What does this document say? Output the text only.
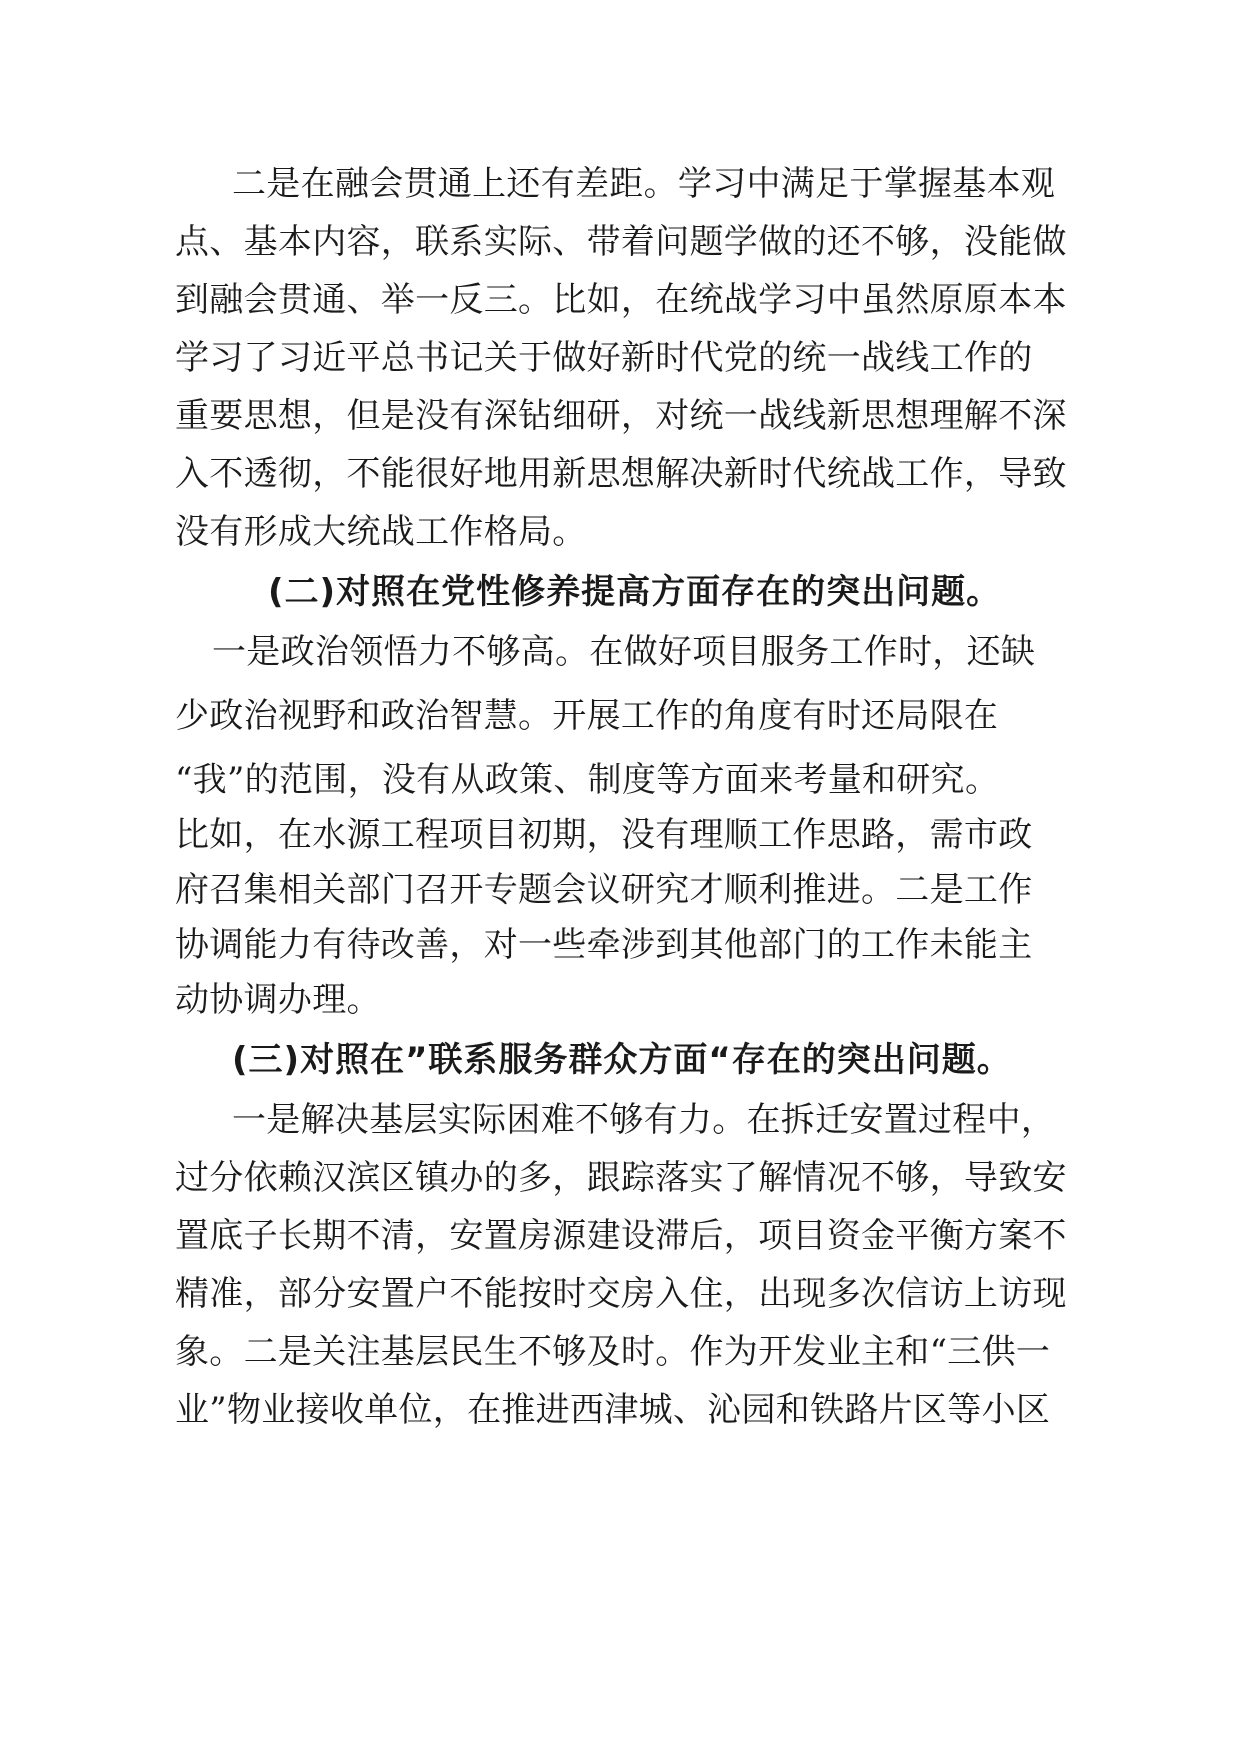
二是在融会贯通上还有差距。学习中满足于掌握基本观
点、基本内容，联系实际、带着问题学做的还不够，没能做
到融会贯通、举一反三。比如，在统战学习中虽然原原本本
学习了习近平总书记关于做好新时代党的统一战线工作的
重要思想，但是没有深钻细研，对统一战线新思想理解不深
入不透彻，不能很好地用新思想解决新时代统战工作，导致
没有形成大统战工作格局。
(二)对照在党性修养提高方面存在的突出问题。
一是政治领悟力不够高。在做好项目服务工作时，还缺
少政治视野和政治智慧。开展工作的角度有时还局限在
“我”的范围，没有从政策、制度等方面来考量和研究。
比如，在水源工程项目初期，没有理顺工作思路，需市政
府召集相关部门召开专题会议研究才顺利推进。二是工作
协调能力有待改善，对一些牵涉到其他部门的工作未能主
动协调办理。
(三)对照在”联系服务群众方面“存在的突出问题。
一是解决基层实际困难不够有力。在拆迁安置过程中，
过分依赖汉滨区镇办的多，跟踪落实了解情况不够，导致安
置底子长期不清，安置房源建设滞后，项目资金平衡方案不
精准，部分安置户不能按时交房入住，出现多次信访上访现
象。二是关注基层民生不够及时。作为开发业主和“三供一
业”物业接收单位，在推进西津城、沁园和铁路片区等小区
